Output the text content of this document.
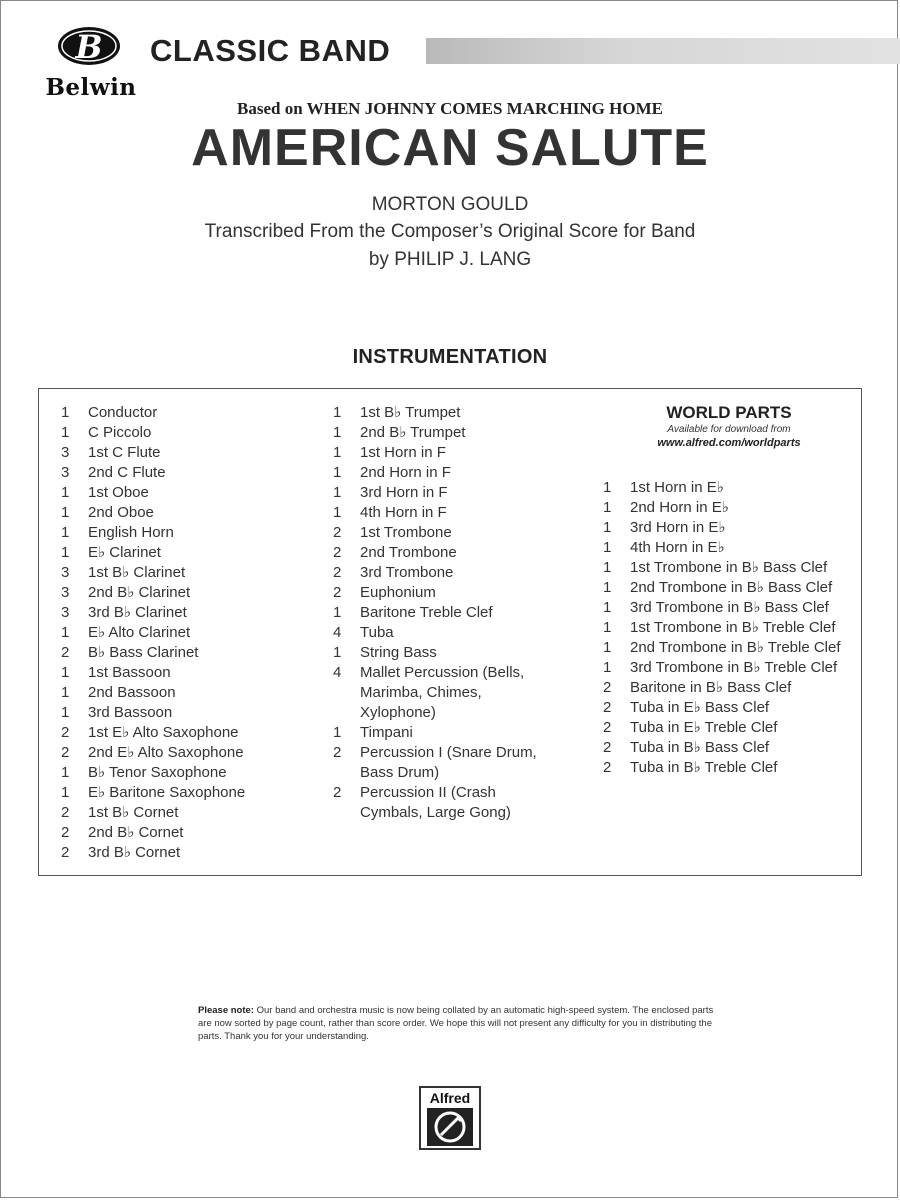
B
Belwin
CLASSIC BAND
Based on WHEN JOHNNY COMES MARCHING HOME
AMERICAN SALUTE
MORTON GOULD
Transcribed From the Composer’s Original Score for Band
by PHILIP J. LANG
INSTRUMENTATION
1	Conductor
1	C Piccolo
3	1st C Flute
3	2nd C Flute
1	1st Oboe
1	2nd Oboe
1	English Horn
1	E♭ Clarinet
3	1st B♭ Clarinet
3	2nd B♭ Clarinet
3	3rd B♭ Clarinet
1	E♭ Alto Clarinet
2	B♭ Bass Clarinet
1	1st Bassoon
1	2nd Bassoon
1	3rd Bassoon
2	1st E♭ Alto Saxophone
2	2nd E♭ Alto Saxophone
1	B♭ Tenor Saxophone
1	E♭ Baritone Saxophone
2	1st B♭ Cornet
2	2nd B♭ Cornet
2	3rd B♭ Cornet
1	1st B♭ Trumpet
1	2nd B♭ Trumpet
1	1st Horn in F
1	2nd Horn in F
1	3rd Horn in F
1	4th Horn in F
2	1st Trombone
2	2nd Trombone
2	3rd Trombone
2	Euphonium
1	Baritone Treble Clef
4	Tuba
1	String Bass
4	Mallet Percussion (Bells,
Marimba, Chimes,
Xylophone)
1	Timpani
2	Percussion I (Snare Drum,
Bass Drum)
2	Percussion II (Crash
Cymbals, Large Gong)
WORLD PARTS
Available for download from
www.alfred.com/worldparts
1	1st Horn in E♭
1	2nd Horn in E♭
1	3rd Horn in E♭
1	4th Horn in E♭
1	1st Trombone in B♭ Bass Clef
1	2nd Trombone in B♭ Bass Clef
1	3rd Trombone in B♭ Bass Clef
1	1st Trombone in B♭ Treble Clef
1	2nd Trombone in B♭ Treble Clef
1	3rd Trombone in B♭ Treble Clef
2	Baritone in B♭ Bass Clef
2	Tuba in E♭ Bass Clef
2	Tuba in E♭ Treble Clef
2	Tuba in B♭ Bass Clef
2	Tuba in B♭ Treble Clef
Please note: Our band and orchestra music is now being collated by an automatic high-speed system. The enclosed parts are now sorted by page count, rather than score order. We hope this will not present any difficulty for you in distributing the parts. Thank you for your understanding.
Alfred
